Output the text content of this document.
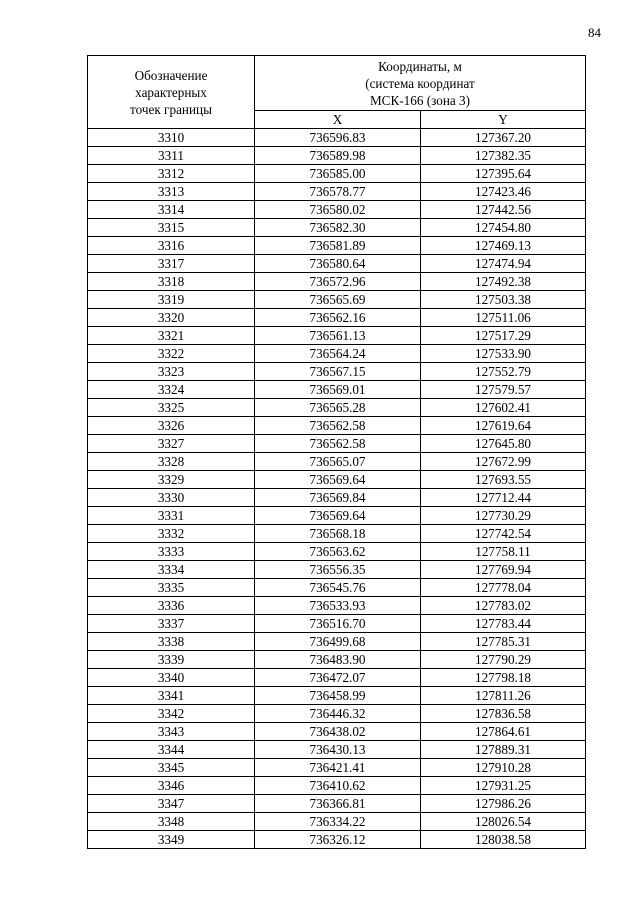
84
Обозначение
характерных
точек границы	Координаты, м
(система координат
МСК-166 (зона 3)	

	X	Y
3310	736596.83	127367.20
3311	736589.98	127382.35
3312	736585.00	127395.64
3313	736578.77	127423.46
3314	736580.02	127442.56
3315	736582.30	127454.80
3316	736581.89	127469.13
3317	736580.64	127474.94
3318	736572.96	127492.38
3319	736565.69	127503.38
3320	736562.16	127511.06
3321	736561.13	127517.29
3322	736564.24	127533.90
3323	736567.15	127552.79
3324	736569.01	127579.57
3325	736565.28	127602.41
3326	736562.58	127619.64
3327	736562.58	127645.80
3328	736565.07	127672.99
3329	736569.64	127693.55
3330	736569.84	127712.44
3331	736569.64	127730.29
3332	736568.18	127742.54
3333	736563.62	127758.11
3334	736556.35	127769.94
3335	736545.76	127778.04
3336	736533.93	127783.02
3337	736516.70	127783.44
3338	736499.68	127785.31
3339	736483.90	127790.29
3340	736472.07	127798.18
3341	736458.99	127811.26
3342	736446.32	127836.58
3343	736438.02	127864.61
3344	736430.13	127889.31
3345	736421.41	127910.28
3346	736410.62	127931.25
3347	736366.81	127986.26
3348	736334.22	128026.54
3349	736326.12	128038.58
